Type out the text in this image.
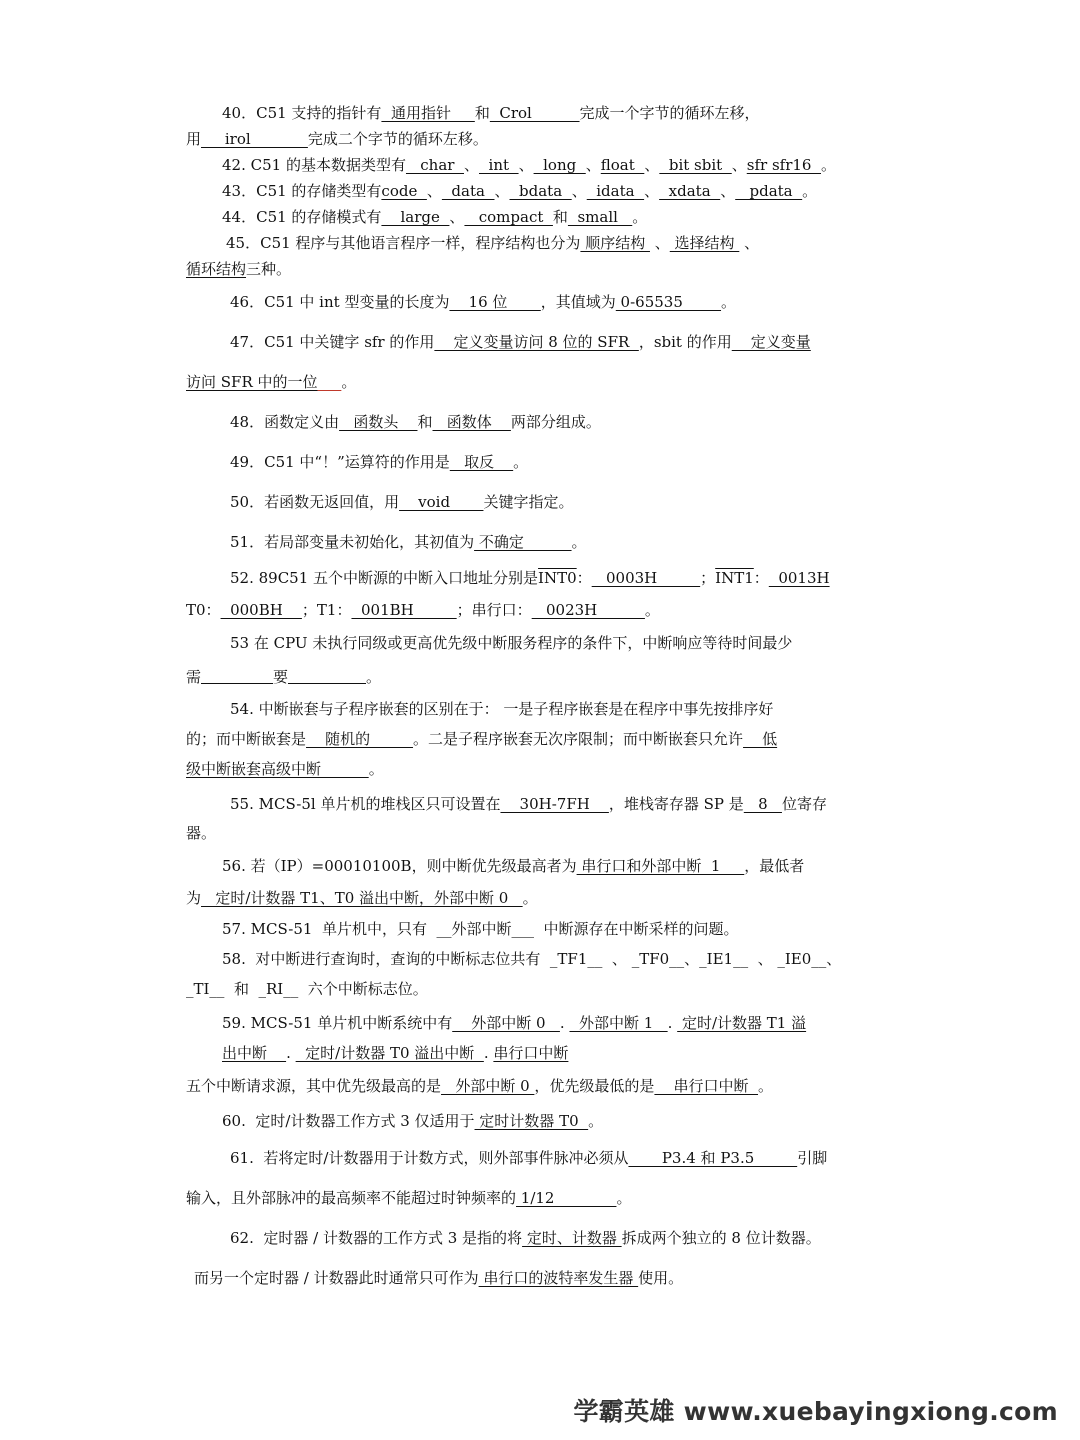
40．C51 支持的指针有  通用指针     和  Crol          完成一个字节的循环左移，
用     irol            完成二个字节的循环左移。
42. C51 的基本数据类型有   char  、  int  、  long  、float  、  bit sbit  、sfr sfr16  。
43．C51 的存储类型有code  、  data  、  bdata  、  idata  、  xdata  、   pdata  。
44．C51 的存储模式有    large  、   compact  和  small   。
45．C51 程序与其他语言程序一样，程序结构也分为 顺序结构  、 选择结构  、
循环结构三种。
46．C51 中 int 型变量的长度为    16 位       ，其值域为 0-65535        。
47．C51 中关键字 sfr 的作用    定义变量访问 8 位的 SFR  ，sbit 的作用    定义变量
访问 SFR 中的一位 。
48．函数定义由   函数头    和   函数体    两部分组成。
49．C51 中“！”运算符的作用是   取反    。
50．若函数无返回值，用    void       关键字指定。
51．若局部变量未初始化，其初值为 不确定          。
52. 89C51 五个中断源的中断入口地址分别是INT0：   0003H         ；INT1：  0013H
T0：  000BH    ；T1：  001BH         ；串行口：   0023H          。
53 在 CPU 未执行同级或更高优先级中断服务程序的条件下，中断响应等待时间最少
需	要	。
54. 中断嵌套与子程序嵌套的区别在于： 一是子程序嵌套是在程序中事先按排序好
的；而中断嵌套是    随机的         。二是子程序嵌套无次序限制；而中断嵌套只允许    低
级中断嵌套高级中断          。
55. MCS-5l 单片机的堆栈区只可设置在    30H-7FH    ，堆栈寄存器 SP 是   8   位寄存
器。
56. 若（IP）=00010100B，则中断优先级最高者为 串行口和外部中断  1     ，最低者
为   定时/计数器 T1、T0 溢出中断，外部中断 0   。
57. MCS-51  单片机中，只有  __外部中断___  中断源存在中断采样的问题。
58.  对中断进行查询时，查询的中断标志位共有  _TF1__  、 _TF0__、_IE1__  、 _IE0__、
_TI__  和  _RI__  六个中断标志位。
59. MCS-51 单片机中断系统中有    外部中断 0   .   外部中断 1   .  定时/计数器 T1 溢
出中断    .   定时/计数器 T0 溢出中断  . 串行口中断
五个中断请求源，其中优先级最高的是   外部中断 0 ，优先级最低的是    串行口中断  。
60.  定时/计数器工作方式 3 仅适用于 定时计数器 T0  。
61.  若将定时/计数器用于计数方式，则外部事件脉冲必须从       P3.4 和 P3.5         引脚
输入，且外部脉冲的最高频率不能超过时钟频率的 1/12             。
62.  定时器 / 计数器的工作方式 3 是指的将 定时、计数器 拆成两个独立的 8 位计数器。
而另一个定时器 / 计数器此时通常只可作为 串行口的波特率发生器 使用。
学霸英雄 www.xuebayingxiong.com
